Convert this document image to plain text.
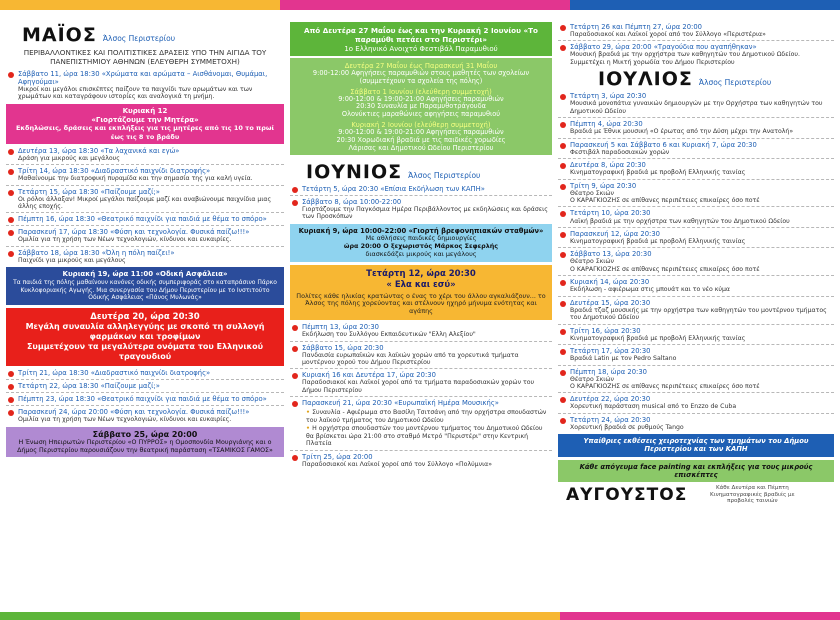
ΜΑΪΟΣ Άλσος Περιστερίου
ΠΕΡΙΒΑΛΛΟΝΤΙΚΕΣ ΚΑΙ ΠΟΛΙΤΙΣΤΙΚΕΣ ΔΡΑΣΕΙΣ ΥΠΟ ΤΗΝ ΑΙΓΙΔΑ ΤΟΥ ΠΑΝΕΠΙΣΤΗΜΙΟΥ ΑΘΗΝΩΝ (ΕΛΕΥΘΕΡΗ ΣΥΜΜΕΤΟΧΗ)
Σάββατο 11, ώρα 18:30 «Χρώματα και αρώματα – Αισθάνομαι, Θυμάμαι, Αφηγούμαι»
Μικροί και μεγάλοι επισκέπτες παίζουν τα παιχνίδι των αρωμάτων και των χρωμάτων και καταγράφουν ιστορίες και αναλογικά τη μνήμη.
Κυριακή 12
«Γιορτάζουμε την Μητέρα»
Εκδηλώσεις, δράσεις και εκπλήξεις για τις μητέρες από τις 10 το πρωί έως τις 8 το βράδυ
Δευτέρα 13, ώρα 18:30 «Τα λαχανικά και εγώ»
Δράση για μικρούς και μεγάλους
Τρίτη 14, ώρα 18:30 «Διαδραστικό παιχνίδι διατροφής»
Μαθαίνουμε την διατροφική πυραμίδα και την σημασία της για καλή υγεία.
Τετάρτη 15, ώρα 18:30 «Παίζουμε μαζί;»
Οι ρόλοι άλλαξαν! Μικροί μεγάλοι παίζουμε μαζί και αναβιώνουμε παιχνίδια μιας άλλης εποχής.
Πέμπτη 16, ώρα 18:30 «Θεατρικό παιχνίδι για παιδιά με θέμα το σπόρο»
Παρασκευή 17, ώρα 18:30 «Φύση και τεχνολογία. Φυσικά παίζω!!!»
Ομιλία για τη χρήση των Νέων τεχνολογιών, κίνδυνοι και ευκαιρίες.
Σάββατο 18, ώρα 18:30 «Όλη η πόλη παίζει!»
Παιχνίδι για μικρούς και μεγάλους
Κυριακή 19, ώρα 11:00 «Οδική Ασφάλεια»
Τα παιδιά της πόλης μαθαίνουν κανόνες οδικής συμπεριφοράς στο καταπράσινο Πάρκο Κυκλοφοριακής Αγωγής. Μια συνεργασία του Δήμου Περιστερίου με το Ινστιτούτο Οδικής Ασφάλειας «Πάνος Μυλωνάς»
Δευτέρα 20, ώρα 20:30
Μεγάλη συναυλία αλληλεγγύης με σκοπό τη συλλογή φαρμάκων και τροφίμων
Συμμετέχουν τα μεγαλύτερα ονόματα του Ελληνικού τραγουδιού
Τρίτη 21, ώρα 18:30 «Διαδραστικό παιχνίδι διατροφής»
Τετάρτη 22, ώρα 18:30 «Παίζουμε μαζί;»
Πέμπτη 23, ώρα 18:30 «Θεατρικό παιχνίδι για παιδιά με θέμα το σπόρο»
Παρασκευή 24, ώρα 20:00 «Φύση και τεχνολογία. Φυσικά παίζω!!!»
Ομιλία για τη χρήση των Νέων τεχνολογιών, κίνδυνοι και ευκαιρίες.
Σάββατο 25, ώρα 20:00
Η Ένωση Ηπειρωτών Περιστερίου «Ο ΠΥΡΡΟΣ» η Ομοσπονδία Μουργιάνης και ο Δήμος Περιστερίου παρουσιάζουν την θεατρική παράσταση «ΤΣΑΜΙΚΟΣ ΓΑΜΟΣ»
Από Δευτέρα 27 Μαΐου έως και την Κυριακή 2 Ιουνίου «Το παραμύθι πετάει στο Περιστέρι»
1ο Ελληνικό Ανοιχτό Φεστιβάλ Παραμυθιού
Δευτέρα 27 Μαΐου έως Παρασκευή 31 Μαΐου
9:00-12:00 Αφηγήσεις παραμυθιών στους μαθητές των σχολείων
(συμμετέχουν τα σχολεία της πόλης)
Σάββατο 1 Ιουνίου (ελεύθερη συμμετοχή)
9:00-12:00 & 19:00-21:00 Αφηγήσεις παραμυθιών
20:30 Συναυλία με Παραμυθοτράγουδα
Ολονύκτιες μαραθώνιες αφηγήσεις παραμυθιού
Κυριακή 2 Ιουνίου (ελεύθερη συμμετοχή)
9:00-12:00 & 19:00-21:00 Αφηγήσεις παραμυθιών
20:30 Χορωδιακή βραδιά με τις παιδικές χορωδίες
Λάρισας και Δημοτικού Ωδείου Περιστερίου
ΙΟΥΝΙΟΣ Άλσος Περιστερίου
Τετάρτη 5, ώρα 20:30 «Επίσια Εκδήλωση των ΚΑΠΗ»
Σάββατο 8, ώρα 10:00-22:00
Γιορτάζουμε την Παγκόσμια Ημέρα Περιβάλλοντος με εκδηλώσεις και δράσεις των Προσκόπων
Κυριακή 9, ώρα 10:00-22:00 «Γιορτή βρεφονηπιακών σταθμών»
Με αθλήσεις παιδικές δημιουργίες
ώρα 20:00 Ο ξεχωριστός Μάρκος Σεφερλής
διασκεδάζει μικρούς και μεγάλους
Τετάρτη 12, ώρα 20:30
« Ελα και εσύ»
Πολίτες κάθε ηλικίας κρατώντας ο ένας το χέρι του άλλου αγκαλιάζουν... το Άλσος της πόλης χορεύοντας και στέλνουν ηχηρό μήνυμα ενότητας και αγάπης
Πέμπτη 13, ώρα 20:30
Εκδήλωση του Συλλόγου Εκπαιδευτικών "Ελλη Αλεξίου"
Σάββατο 15, ώρα 20:30
Πανδαισία ευρωπαϊκών και λαϊκών χορών από τα χορευτικά τμήματα μοντέρνου χορού του Δήμου Περιστερίου
Κυριακή 16 και Δευτέρα 17, ώρα 20:30
Παραδοσιακοί και Λαϊκοί χοροί από τα τμήματα παραδοσιακών χορών του Δήμου Περιστερίου
Παρασκευή 21, ώρα 20:30 «Ευρωπαϊκή Ημέρα Μουσικής»
• Συναυλία - Αφιέρωμα στο Βασίλη Τσιτσάνη από την ορχήστρα σπουδαστών του λαϊκού τμήματος του Δημοτικού Ωδείου
• Η ορχήστρα σπουδαστών του μοντέρνου τμήματος του Δημοτικού Ωδείου θα βρίσκεται ώρα 21:00 στο σταθμό Μετρό "Περιστέρι" στην Κεντρική Πλατεία
Τρίτη 25, ώρα 20:00
Παραδοσιακοί και Λαϊκοί χοροί από τον Σύλλογο «Πολύμνια»
Τετάρτη 26 και Πέμπτη 27, ώρα 20:00
Παραδοσιακοί και Λαϊκοί χοροί από τον Σύλλογο «Περιστέρια»
Σάββατο 29, ώρα 20:00 «Τραγούδια που αγαπήθηκαν»
Μουσική βραδιά με την ορχήστρα των καθηγητών του Δημοτικού Ωδείου. Συμμετέχει η Μικτή χορωδία του Δήμου Περιστερίου
ΙΟΥΛΙΟΣ Άλσος Περιστερίου
Τετάρτη 3, ώρα 20:30
Μουσικά μονοπάτια γυναικών δημιουργών με την Ορχήστρα των καθηγητών του Δημοτικού Ωδείου
Πέμπτη 4, ώρα 20:30
Βραδιά με Έθνικ μουσική «Ο έρωτας από την Δύση μέχρι την Ανατολή»
Παρασκευή 5 και Σάββατο 6 και Κυριακή 7, ώρα 20:30
Φεστιβάλ παραδοσιακών χορών
Δευτέρα 8, ώρα 20:30
Κινηματογραφική βραδιά με προβολή Ελληνικής ταινίας
Τρίτη 9, ώρα 20:30
Θέατρο Σκιών
Ο ΚΑΡΑΓΚΙΟΖΗΣ σε απίθανες περιπέτειες επικαίρες όσο ποτέ
Τετάρτη 10, ώρα 20:30
Λαϊκή βραδιά με την ορχήστρα των καθηγητών του Δημοτικού Ωδείου
Παρασκευή 12, ώρα 20:30
Κινηματογραφική βραδιά με προβολή Ελληνικής ταινίας
Σάββατο 13, ώρα 20:30
Θέατρο Σκιών
Ο ΚΑΡΑΓΚΙΟΖΗΣ σε απίθανες περιπέτειες επικαίρες όσο ποτέ
Κυριακή 14, ώρα 20:30
Εκδήλωση - αφιέρωμα στις μπουάτ και το νέο κύμα
Δευτέρα 15, ώρα 20:30
Βραδιά τζαζ μουσικής με την ορχήστρα των καθηγητών του μοντέρνου τμήματος του Δημοτικού Ωδείου
Τρίτη 16, ώρα 20:30
Κινηματογραφική βραδιά με προβολή Ελληνικής ταινίας
Τετάρτη 17, ώρα 20:30
Βραδιά Latin με τον Pedro Saltano
Πέμπτη 18, ώρα 20:30
Θέατρο Σκιών
Ο ΚΑΡΑΓΚΙΟΖΗΣ σε απίθανες περιπέτειες επικαίρες όσο ποτέ
Δευτέρα 22, ώρα 20:30
Χορευτική παράσταση musical από το Enzzo de Cuba
Τετάρτη 24, ώρα 20:30
Χορευτική βραδιά σε ρυθμούς Tango
Υπαίθριες εκθέσεις χειροτεχνίας των τμημάτων του Δήμου Περιστερίου και των ΚΑΠΗ
Κάθε απόγευμα face painting και εκπλήξεις για τους μικρούς επισκέπτες
ΑΥΓΟΥΣΤΟΣ	Κάθε Δευτέρα και Πέμπτη Κινηματογραφικές βραδιές με προβολές ταινιών
